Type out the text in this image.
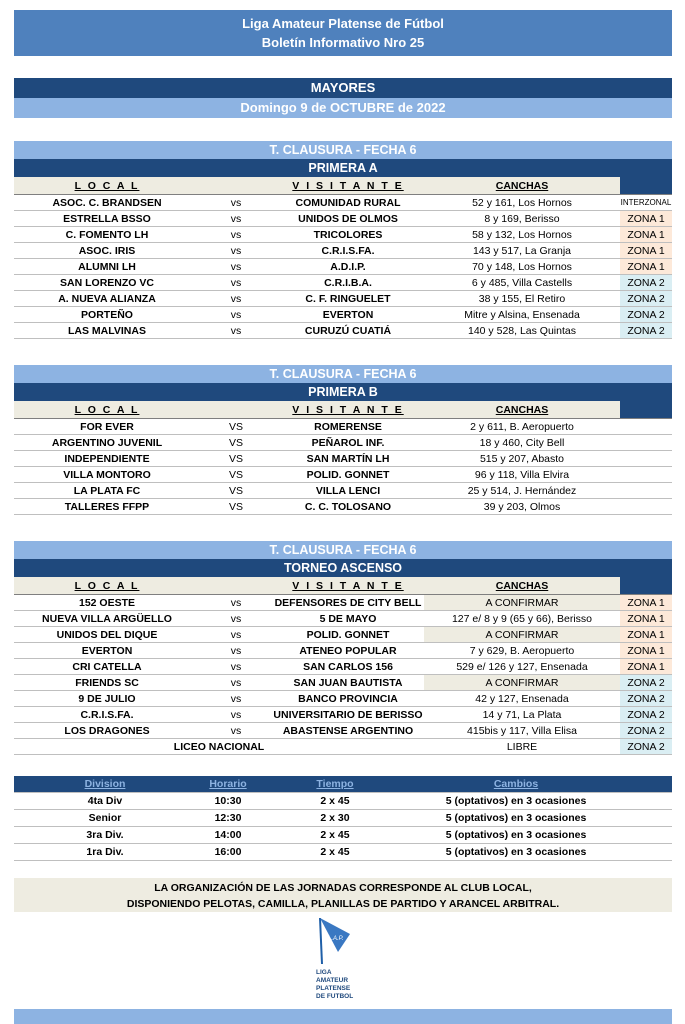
Liga Amateur Platense de Fútbol
Boletín Informativo Nro 25
MAYORES
Domingo 9 de OCTUBRE de 2022
T. CLAUSURA - FECHA 6
PRIMERA A
L O C A L	V I S I T A N T E	CANCHAS
ASOC. C. BRANDSEN	vs	COMUNIDAD RURAL	52 y 161, Los Hornos	INTERZONAL
ESTRELLA BSSO	vs	UNIDOS DE OLMOS	8 y 169, Berisso	ZONA 1
C. FOMENTO LH	vs	TRICOLORES	58 y 132, Los Hornos	ZONA 1
ASOC. IRIS	vs	C.R.I.S.FA.	143 y 517, La Granja	ZONA 1
ALUMNI LH	vs	A.D.I.P.	70 y 148, Los Hornos	ZONA 1
SAN LORENZO VC	vs	C.R.I.B.A.	6 y 485, Villa Castells	ZONA 2
A. NUEVA ALIANZA	vs	C. F. RINGUELET	38 y 155, El Retiro	ZONA 2
PORTEÑO	vs	EVERTON	Mitre y Alsina, Ensenada	ZONA 2
LAS MALVINAS	vs	CURUZÚ CUATIÁ	140 y 528, Las Quintas	ZONA 2
T. CLAUSURA - FECHA 6
PRIMERA B
L O C A L	V I S I T A N T E	CANCHAS
FOR EVER	VS	ROMERENSE	2 y 611, B. Aeropuerto
ARGENTINO JUVENIL	VS	PEÑAROL INF.	18 y 460, City Bell
INDEPENDIENTE	VS	SAN MARTÍN LH	515 y 207, Abasto
VILLA MONTORO	VS	POLID. GONNET	96 y 118, Villa Elvira
LA PLATA FC	VS	VILLA LENCI	25 y 514, J. Hernández
TALLERES FFPP	VS	C. C. TOLOSANO	39 y 203, Olmos
T. CLAUSURA - FECHA 6
TORNEO ASCENSO
L O C A L	V I S I T A N T E	CANCHAS
152 OESTE	vs	DEFENSORES DE CITY BELL	A CONFIRMAR	ZONA 1
NUEVA VILLA ARGÜELLO	vs	5 DE MAYO	127 e/ 8 y 9 (65 y 66), Berisso	ZONA 1
UNIDOS DEL DIQUE	vs	POLID. GONNET	A CONFIRMAR	ZONA 1
EVERTON	vs	ATENEO POPULAR	7 y 629, B. Aeropuerto	ZONA 1
CRI CATELLA	vs	SAN CARLOS 156	529 e/ 126 y 127, Ensenada	ZONA 1
FRIENDS SC	vs	SAN JUAN BAUTISTA	A CONFIRMAR	ZONA 2
9 DE JULIO	vs	BANCO PROVINCIA	42 y 127, Ensenada	ZONA 2
C.R.I.S.FA.	vs	UNIVERSITARIO DE BERISSO	14 y 71, La Plata	ZONA 2
LOS DRAGONES	vs	ABASTENSE ARGENTINO	415bis y 117, Villa Elisa	ZONA 2
LICEO NACIONAL	LIBRE	ZONA 2
Division	Horario	Tiempo	Cambios
4ta Div	10:30	2 x 45	5 (optativos) en 3 ocasiones
Senior	12:30	2 x 30	5 (optativos) en 3 ocasiones
3ra Div.	14:00	2 x 45	5 (optativos) en 3 ocasiones
1ra Div.	16:00	2 x 45	5 (optativos) en 3 ocasiones
LA ORGANIZACIÓN DE LAS JORNADAS CORRESPONDE AL CLUB LOCAL,
DISPONIENDO PELOTAS, CAMILLA, PLANILLAS DE PARTIDO Y ARANCEL ARBITRAL.
L.A.P.
LIGA
AMATEUR
PLATENSE
DE FUTBOL
